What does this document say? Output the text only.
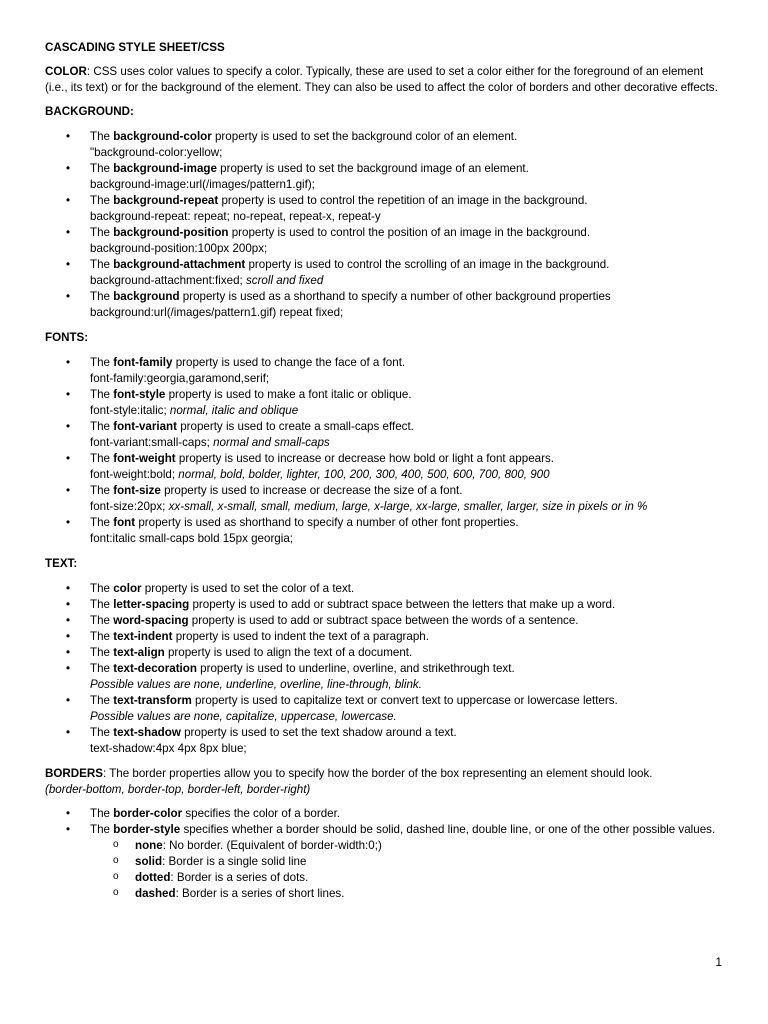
CASCADING STYLE SHEET/CSS

COLOR: CSS uses color values to specify a color. Typically, these are used to set a color either for the foreground of an element (i.e., its text) or for the background of the element. They can also be used to affect the color of borders and other decorative effects.

BACKGROUND:

• The background-color property is used to set the background color of an element.
"background-color:yellow;
• The background-image property is used to set the background image of an element.
background-image:url(/images/pattern1.gif);
• The background-repeat property is used to control the repetition of an image in the background.
background-repeat: repeat; no-repeat, repeat-x, repeat-y
• The background-position property is used to control the position of an image in the background.
background-position:100px 200px;
• The background-attachment property is used to control the scrolling of an image in the background.
background-attachment:fixed; scroll and fixed
• The background property is used as a shorthand to specify a number of other background properties
background:url(/images/pattern1.gif) repeat fixed;

FONTS:

• The font-family property is used to change the face of a font.
font-family:georgia,garamond,serif;
• The font-style property is used to make a font italic or oblique.
font-style:italic; normal, italic and oblique
• The font-variant property is used to create a small-caps effect.
font-variant:small-caps; normal and small-caps
• The font-weight property is used to increase or decrease how bold or light a font appears.
font-weight:bold; normal, bold, bolder, lighter, 100, 200, 300, 400, 500, 600, 700, 800, 900
• The font-size property is used to increase or decrease the size of a font.
font-size:20px; xx-small, x-small, small, medium, large, x-large, xx-large, smaller, larger, size in pixels or in %
• The font property is used as shorthand to specify a number of other font properties.
font:italic small-caps bold 15px georgia;

TEXT:

• The color property is used to set the color of a text.
• The letter-spacing property is used to add or subtract space between the letters that make up a word.
• The word-spacing property is used to add or subtract space between the words of a sentence.
• The text-indent property is used to indent the text of a paragraph.
• The text-align property is used to align the text of a document.
• The text-decoration property is used to underline, overline, and strikethrough text.
Possible values are none, underline, overline, line-through, blink.
• The text-transform property is used to capitalize text or convert text to uppercase or lowercase letters.
Possible values are none, capitalize, uppercase, lowercase.
• The text-shadow property is used to set the text shadow around a text.
text-shadow:4px 4px 8px blue;

BORDERS: The border properties allow you to specify how the border of the box representing an element should look.
(border-bottom, border-top, border-left, border-right)

• The border-color specifies the color of a border.
• The border-style specifies whether a border should be solid, dashed line, double line, or one of the other possible values.
o none: No border. (Equivalent of border-width:0;)
o solid: Border is a single solid line
o dotted: Border is a series of dots.
o dashed: Border is a series of short lines.
1
